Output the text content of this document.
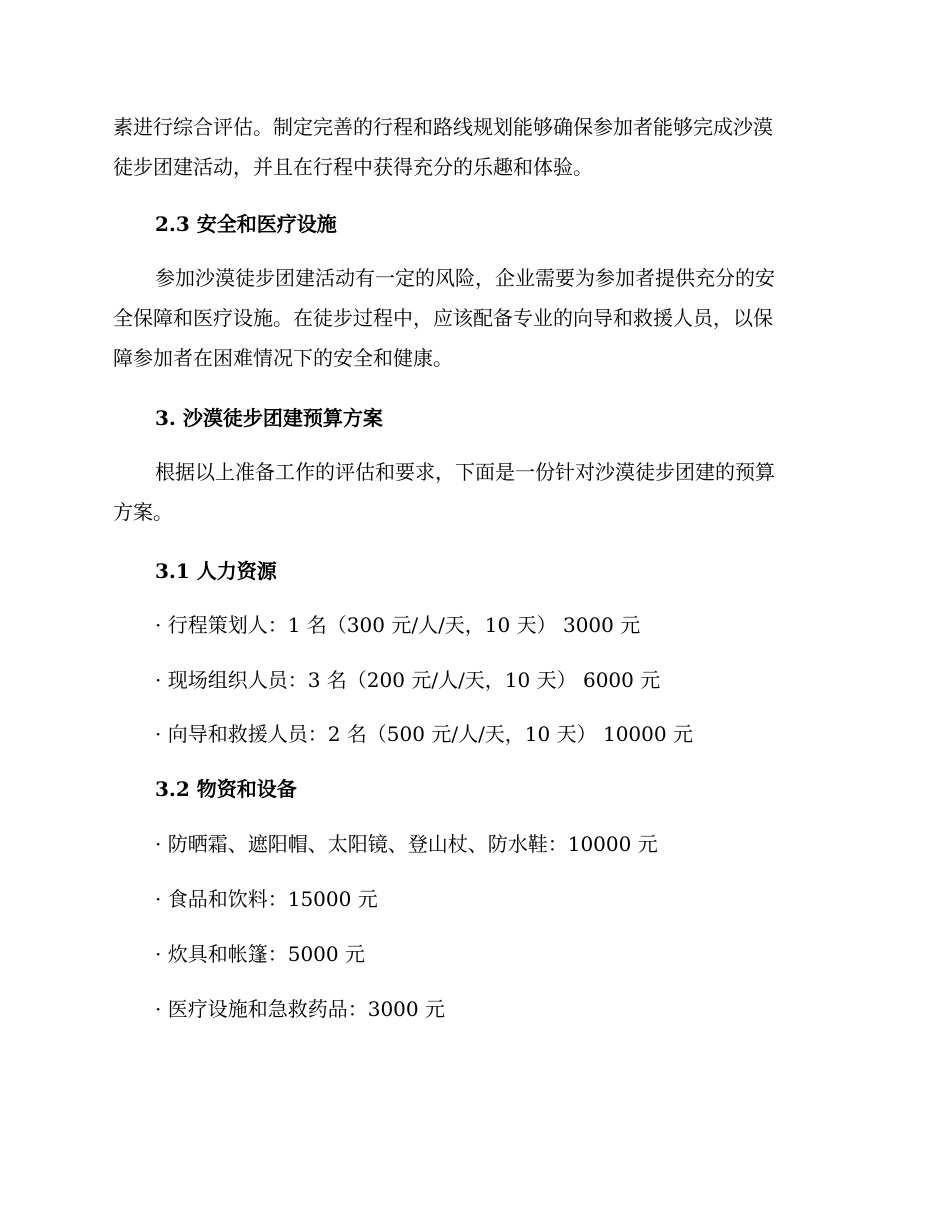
素进行综合评估。制定完善的行程和路线规划能够确保参加者能够完成沙漠
徒步团建活动，并且在行程中获得充分的乐趣和体验。

2.3 安全和医疗设施

参加沙漠徒步团建活动有一定的风险，企业需要为参加者提供充分的安
全保障和医疗设施。在徒步过程中，应该配备专业的向导和救援人员，以保
障参加者在困难情况下的安全和健康。

3. 沙漠徒步团建预算方案

根据以上准备工作的评估和要求，下面是一份针对沙漠徒步团建的预算
方案。

3.1 人力资源

· 行程策划人：1 名（300 元/人/天，10 天） 3000 元

· 现场组织人员：3 名（200 元/人/天，10 天） 6000 元

· 向导和救援人员：2 名（500 元/人/天，10 天） 10000 元

3.2 物资和设备

· 防晒霜、遮阳帽、太阳镜、登山杖、防水鞋：10000 元

· 食品和饮料：15000 元

· 炊具和帐篷：5000 元

· 医疗设施和急救药品：3000 元
